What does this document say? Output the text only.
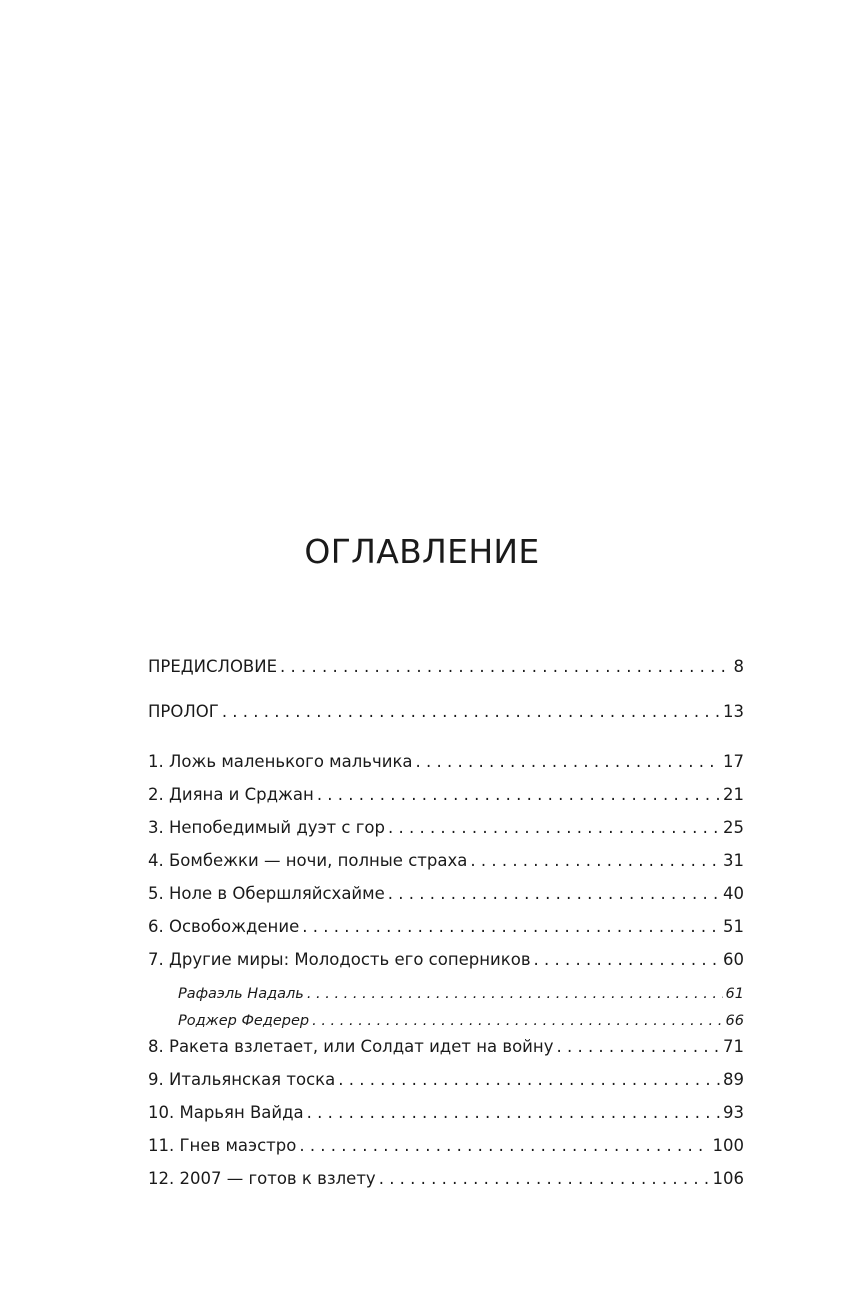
ОГЛАВЛЕНИЕ
ПРЕДИСЛОВИЕ . . .	8
ПРОЛОГ . . .	13
1. Ложь маленького мальчика . . .	17
2. Дияна и Срджан . . .	21
3. Непобедимый дуэт с гор . . .	25
4. Бомбежки — ночи, полные страха . . .	31
5. Ноле в Обершляйсхайме . . .	40
6. Освобождение . . .	51
7. Другие миры: Молодость его соперников . . .	60
Рафаэль Надаль . . .	61
Роджер Федерер . . .	66
8. Ракета взлетает, или Солдат идет на войну . . .	71
9. Итальянская тоска . . .	89
10. Марьян Вайда . . .	93
11. Гнев маэстро . . .	100
12. 2007 — готов к взлету . . .	106
